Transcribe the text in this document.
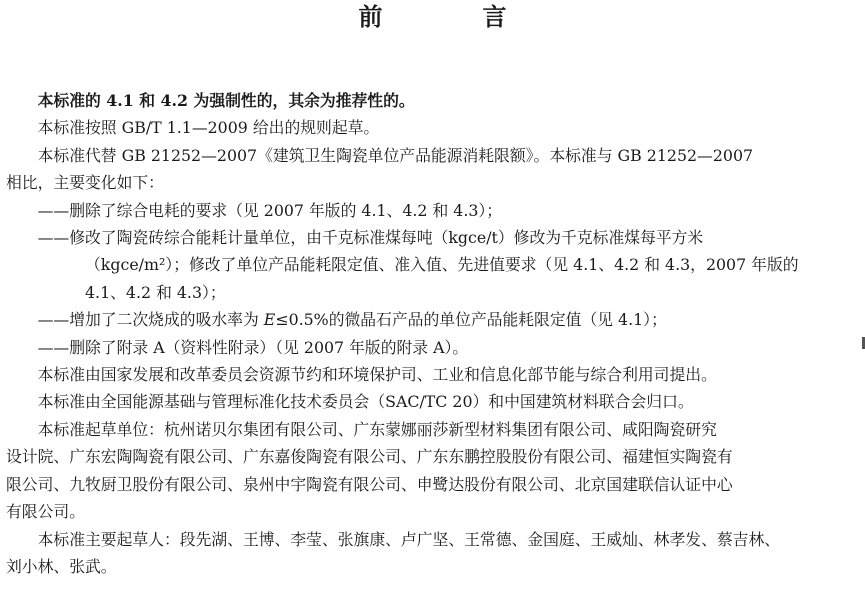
前　言

本标准的 4.1 和 4.2 为强制性的，其余为推荐性的。

本标准按照 GB/T 1.1—2009 给出的规则起草。

本标准代替 GB 21252—2007《建筑卫生陶瓷单位产品能源消耗限额》。本标准与 GB 21252—2007

相比，主要变化如下：

——删除了综合电耗的要求（见 2007 年版的 4.1、4.2 和 4.3）；

——修改了陶瓷砖综合能耗计量单位，由千克标准煤每吨（kgce/t）修改为千克标准煤每平方米

（kgce/m²）；修改了单位产品能耗限定值、准入值、先进值要求（见 4.1、4.2 和 4.3，2007 年版的

4.1、4.2 和 4.3）；

——增加了二次烧成的吸水率为 E≤0.5%的微晶石产品的单位产品能耗限定值（见 4.1）；

——删除了附录 A（资料性附录）（见 2007 年版的附录 A）。

本标准由国家发展和改革委员会资源节约和环境保护司、工业和信息化部节能与综合利用司提出。

本标准由全国能源基础与管理标准化技术委员会（SAC/TC 20）和中国建筑材料联合会归口。

本标准起草单位：杭州诺贝尔集团有限公司、广东蒙娜丽莎新型材料集团有限公司、咸阳陶瓷研究

设计院、广东宏陶陶瓷有限公司、广东嘉俊陶瓷有限公司、广东东鹏控股股份有限公司、福建恒实陶瓷有

限公司、九牧厨卫股份有限公司、泉州中宇陶瓷有限公司、申鹭达股份有限公司、北京国建联信认证中心

有限公司。

本标准主要起草人：段先湖、王博、李莹、张旗康、卢广坚、王常德、金国庭、王威灿、林孝发、蔡吉林、

刘小林、张武。
